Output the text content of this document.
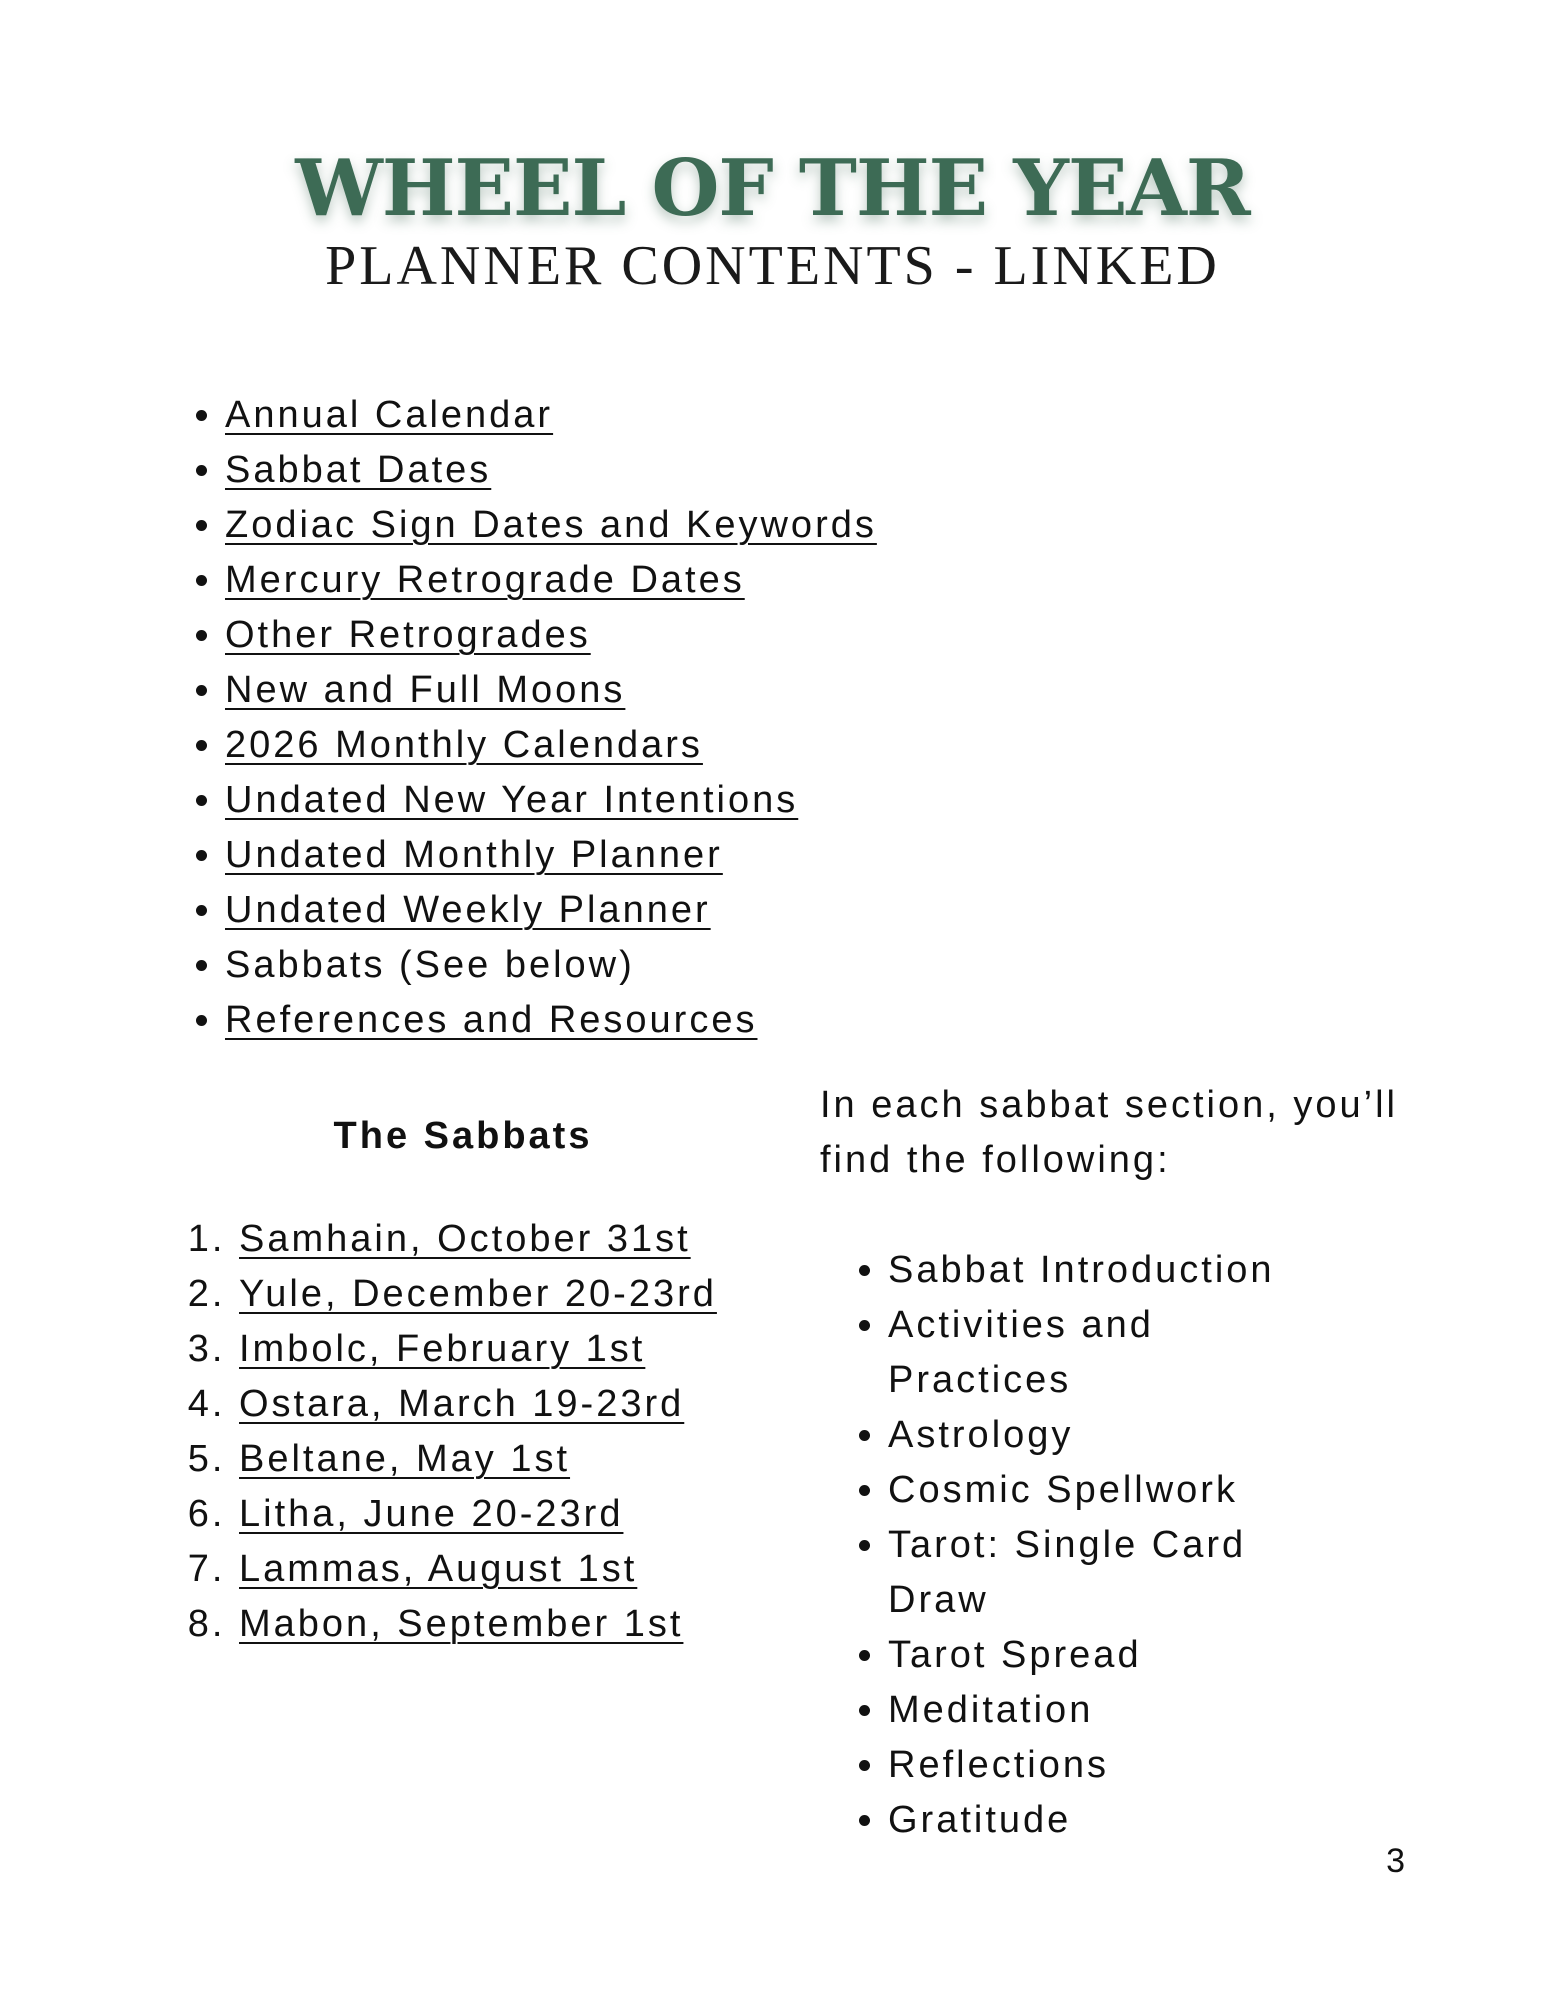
WHEEL OF THE YEAR
PLANNER CONTENTS - LINKED
• Annual Calendar
• Sabbat Dates
• Zodiac Sign Dates and Keywords
• Mercury Retrograde Dates
• Other Retrogrades
• New and Full Moons
• 2026 Monthly Calendars
• Undated New Year Intentions
• Undated Monthly Planner
• Undated Weekly Planner
• Sabbats (See below)
• References and Resources
The Sabbats
1. Samhain, October 31st
2. Yule, December 20-23rd
3. Imbolc, February 1st
4. Ostara, March 19-23rd
5. Beltane, May 1st
6. Litha, June 20-23rd
7. Lammas, August 1st
8. Mabon, September 1st

In each sabbat section, you’ll find the following:

• Sabbat Introduction
• Activities and Practices
• Astrology
• Cosmic Spellwork
• Tarot: Single Card Draw
• Tarot Spread
• Meditation
• Reflections
• Gratitude
3
